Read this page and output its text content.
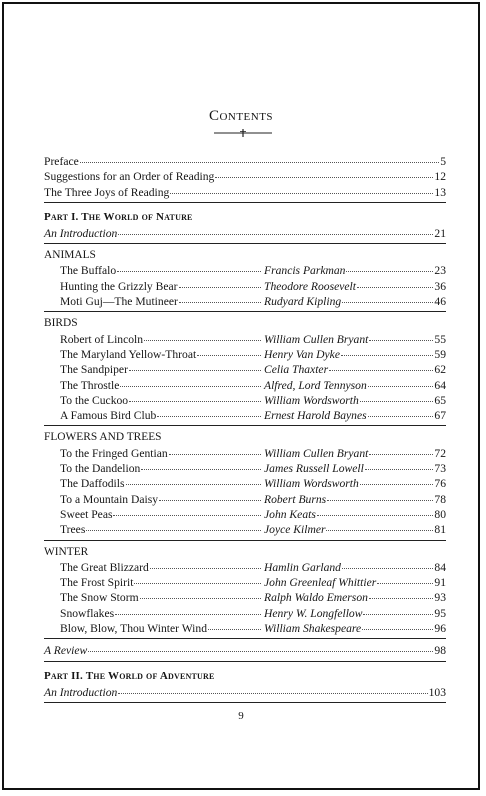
Contents
Preface	5
Suggestions for an Order of Reading	12
The Three Joys of Reading	13
Part I. The World of Nature
An Introduction	21
ANIMALS
The Buffalo	Francis Parkman	23
Hunting the Grizzly Bear	Theodore Roosevelt	36
Moti Guj—The Mutineer	Rudyard Kipling	46
BIRDS
Robert of Lincoln	William Cullen Bryant	55
The Maryland Yellow-Throat	Henry Van Dyke	59
The Sandpiper	Celia Thaxter	62
The Throstle	Alfred, Lord Tennyson	64
To the Cuckoo	William Wordsworth	65
A Famous Bird Club	Ernest Harold Baynes	67
FLOWERS AND TREES
To the Fringed Gentian	William Cullen Bryant	72
To the Dandelion	James Russell Lowell	73
The Daffodils	William Wordsworth	76
To a Mountain Daisy	Robert Burns	78
Sweet Peas	John Keats	80
Trees	Joyce Kilmer	81
WINTER
The Great Blizzard	Hamlin Garland	84
The Frost Spirit	John Greenleaf Whittier	91
The Snow Storm	Ralph Waldo Emerson	93
Snowflakes	Henry W. Longfellow	95
Blow, Blow, Thou Winter Wind	William Shakespeare	96
A Review	98
Part II. The World of Adventure
An Introduction	103
9
